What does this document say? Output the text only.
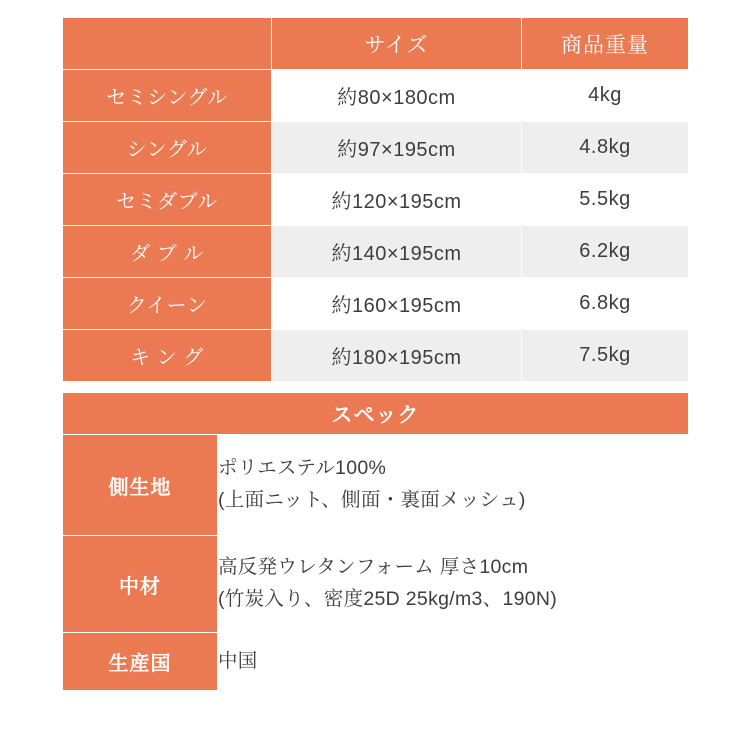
	サイズ	商品重量
セミシングル	約80×180cm	4kg
シングル	約97×195cm	4.8kg
セミダブル	約120×195cm	5.5kg
ダ ブ ル	約140×195cm	6.2kg
クイーン	約160×195cm	6.8kg
キ ン グ	約180×195cm	7.5kg
スペック	
側生地	ポリエステル100%
(上面ニット、側面・裏面メッシュ)

中材	高反発ウレタンフォーム 厚さ10cm
(竹炭入り、密度25D 25kg/m3、190N)

生産国	中国
